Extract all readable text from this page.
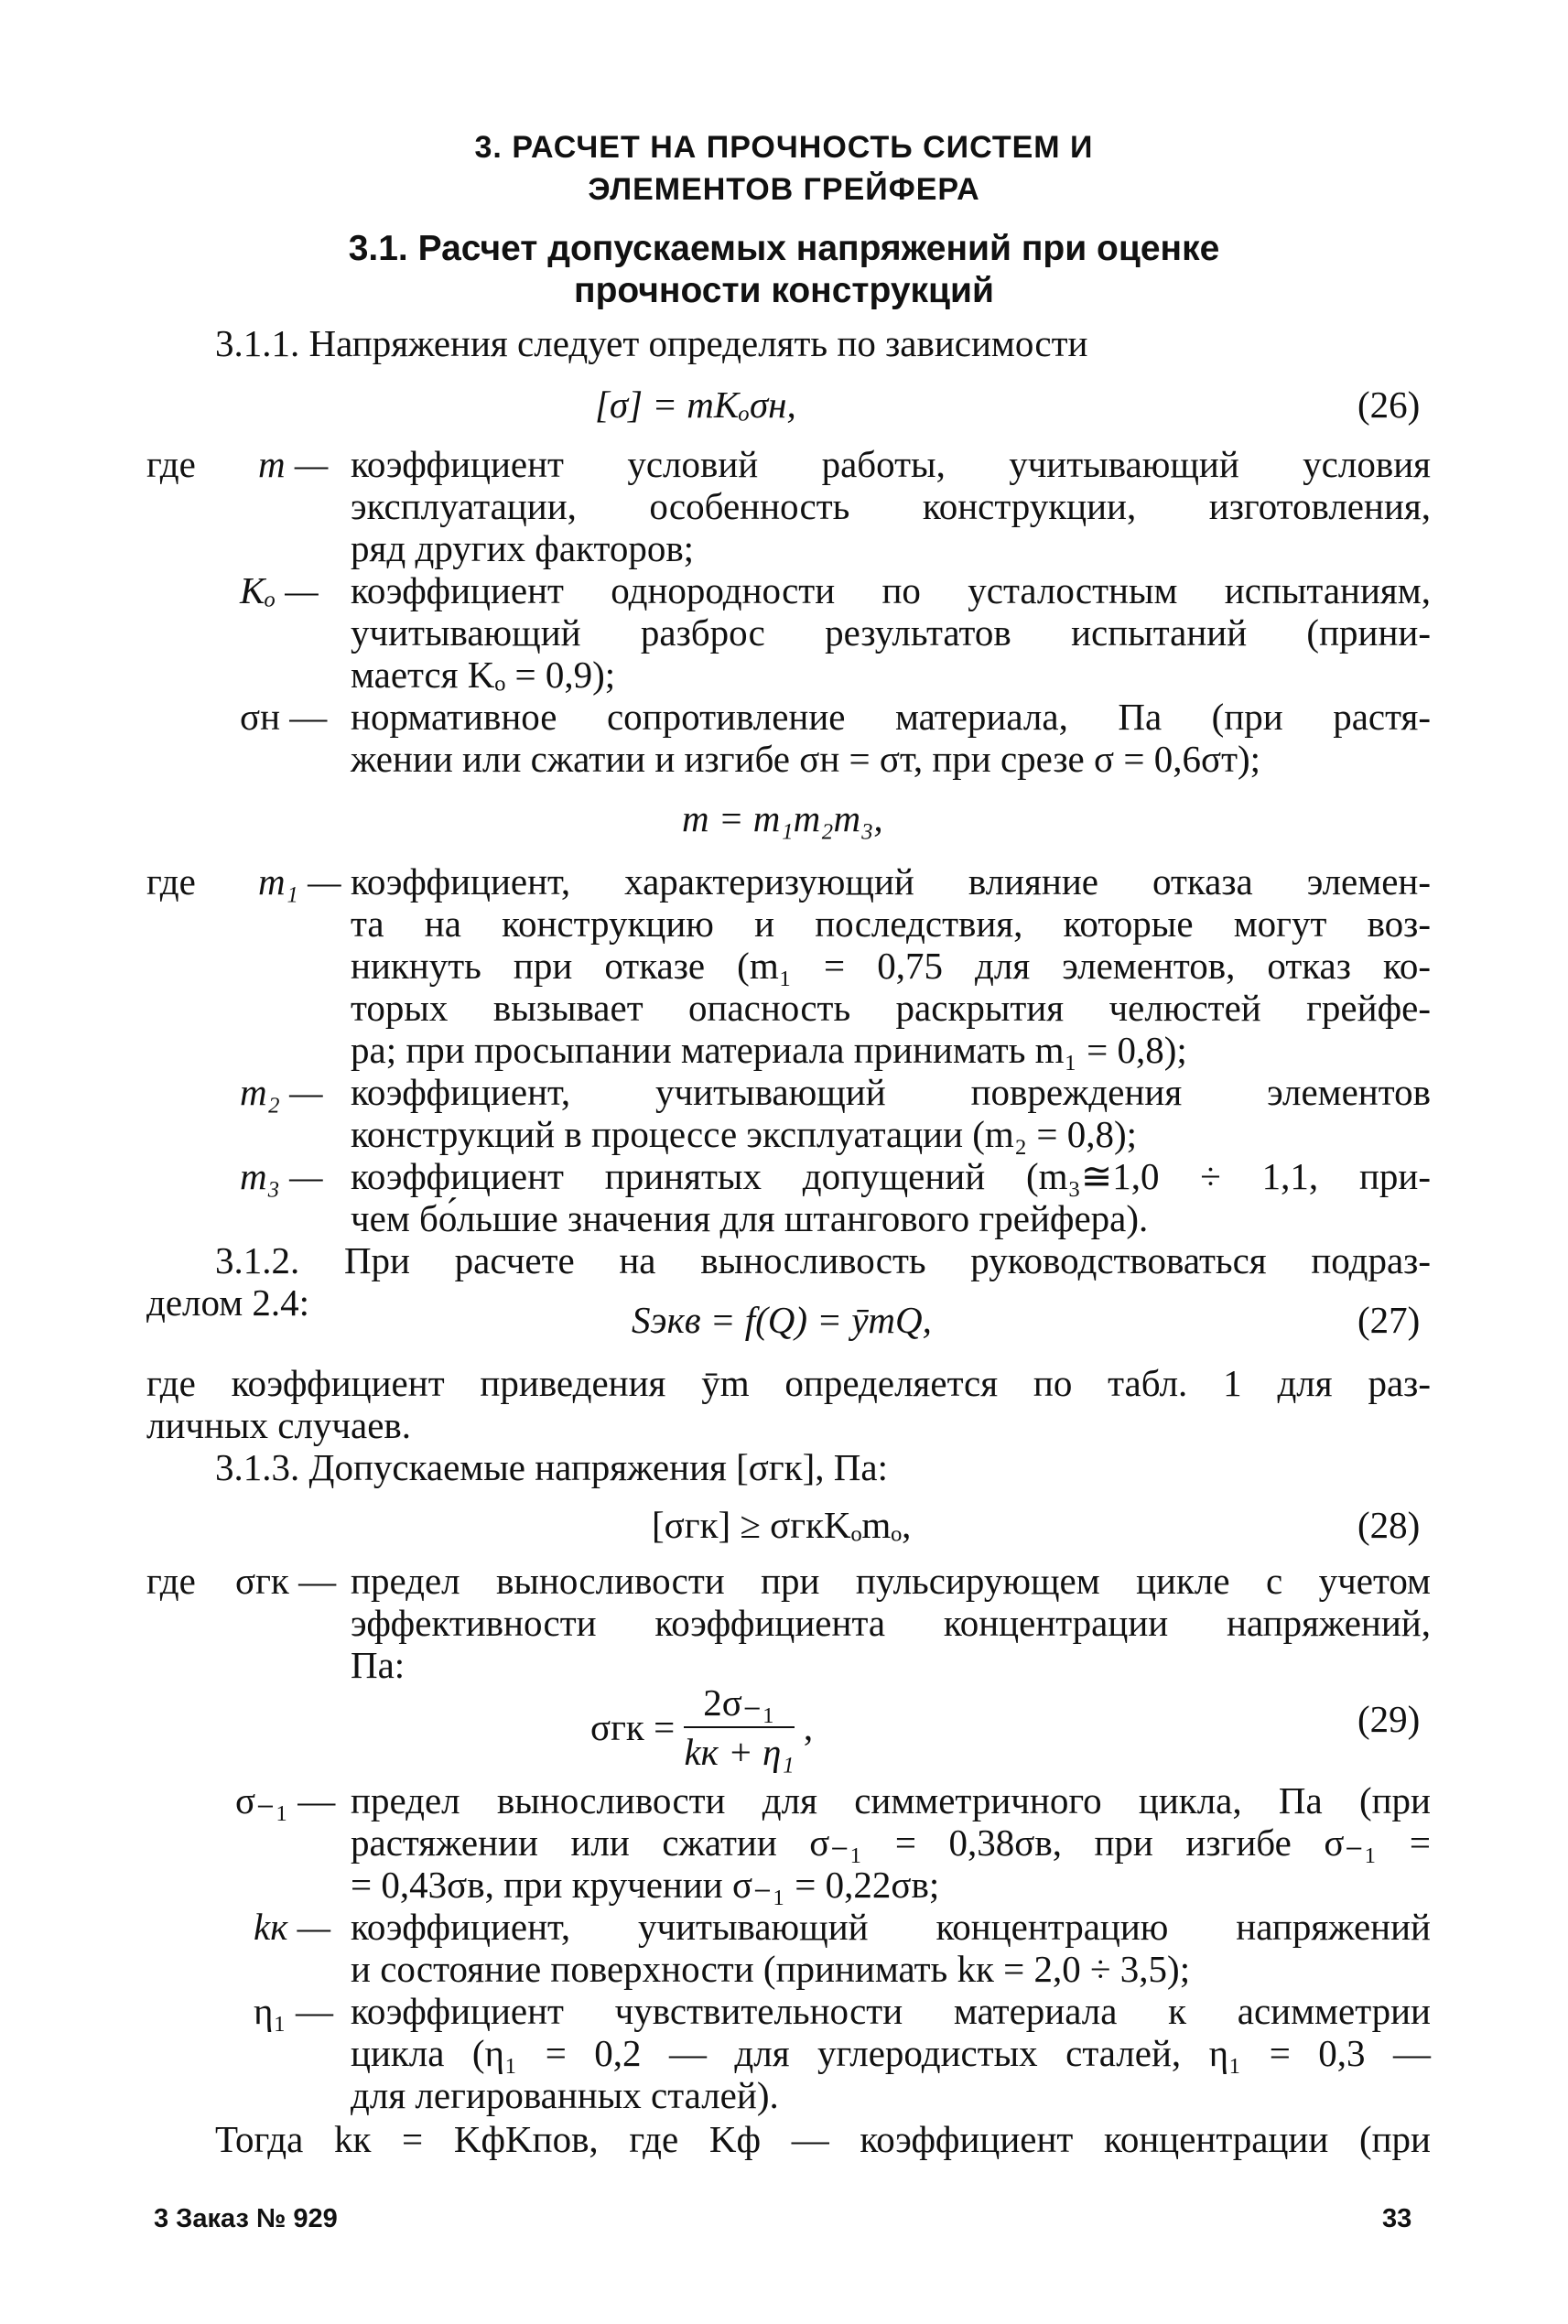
3. РАСЧЕТ НА ПРОЧНОСТЬ СИСТЕМ И
ЭЛЕМЕНТОВ ГРЕЙФЕРА
3.1. Расчет допускаемых напряжений при оценке
прочности конструкций
3.1.1. Напряжения следует определять по зависимости
[σ] = mKₒσн,	(26)
где m — коэффициент условий работы, учитывающий условия
эксплуатации, особенность конструкции, изготовления,
ряд других факторов;
Kₒ — коэффициент однородности по усталостным испытаниям,
учитывающий разброс результатов испытаний (прини-
мается Kₒ = 0,9);
σн — нормативное сопротивление материала, Па (при растя-
жении или сжатии и изгибе σн = σт, при срезе σ = 0,6σт);
m = m₁m₂m₃,
где m₁ — коэффициент, характеризующий влияние отказа элемен-
та на конструкцию и последствия, которые могут воз-
никнуть при отказе (m₁ = 0,75 для элементов, отказ ко-
торых вызывает опасность раскрытия челюстей грейфе-
ра; при просыпании материала принимать m₁ = 0,8);
m₂ — коэффициент, учитывающий повреждения элементов
конструкций в процессе эксплуатации (m₂ = 0,8);
m₃ — коэффициент принятых допущений (m₃≅1,0 ÷ 1,1, при-
чем бо́льшие значения для штангового грейфера).
3.1.2. При расчете на выносливость руководствоваться подраз-
делом 2.4:	Sэкв = f(Q) = ȳmQ,	(27)
где коэффициент приведения ȳm определяется по табл. 1 для раз-
личных случаев.
3.1.3. Допускаемые напряжения [σгк], Па:
[σгк] ≥ σгкKₒmₒ,	(28)
где σгк — предел выносливости при пульсирующем цикле с учетом
эффективности коэффициента концентрации напряжений,
Па:
$\sigma гк = \frac{\text{2σ₋₁}}{\text{kк + η₁}}$ ,	(29)
σ₋₁ — предел выносливости для симметричного цикла, Па (при
растяжении или сжатии σ₋₁ = 0,38σв, при изгибе σ₋₁ =
= 0,43σв, при кручении σ₋₁ = 0,22σв;
kк — коэффициент, учитывающий концентрацию напряжений
и состояние поверхности (принимать kк = 2,0 ÷ 3,5);
η₁ — коэффициент чувствительности материала к асимметрии
цикла (η₁ = 0,2 — для углеродистых сталей, η₁ = 0,3 —
для легированных сталей).
Тогда kк = KфKпов, где Kф — коэффициент концентрации (при
3 Заказ № 929	33
